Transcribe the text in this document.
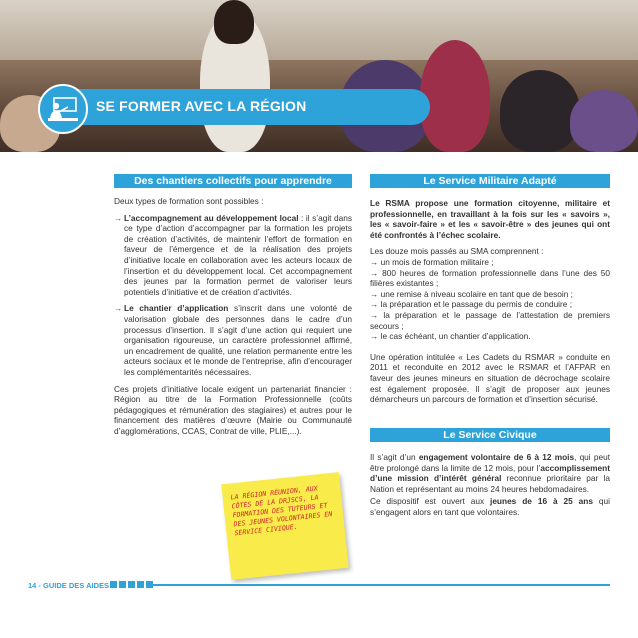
SE FORMER AVEC LA RÉGION
Des chantiers collectifs pour apprendre

Deux types de formation sont possibles :

→ L’accompagnement au développement local : il s’agit dans ce type d’action d’accompagner par la formation les projets de création d’activités, de maintenir l’effort de formation en faveur de l’émergence et de la réalisation des projets d’initiative locale en collaboration avec les acteurs locaux de l’insertion et du développement local. Cet accompagnement des jeunes par la formation permet de valoriser leurs potentiels d’initiative et de création d’activités.
→ Le chantier d’application s’inscrit dans une volonté de valorisation globale des personnes dans le cadre d’un processus d’insertion. Il s’agit d’une action qui requiert une organisation rigoureuse, un caractère professionnel affirmé, un encadrement de qualité, une relation permanente entre les acteurs sociaux et le monde de l’entreprise, afin d’encourager les complémentarités nécessaires.

Ces projets d’initiative locale exigent un partenariat financier : Région au titre de la Formation Professionnelle (coûts pédagogiques et rémunération des stagiaires) et autres pour le financement des matières d’œuvre (Mairie ou Communauté d’agglomérations, CCAS, Contrat de ville, PLIE,...).

LA RÉGION RÉUNION, AUX CÔTÉS DE LA DRJSCS, LA FORMATION DES TUTEURS ET DES JEUNES VOLONTAIRES EN SERVICE CIVIQUE.
Le Service Militaire Adapté

Le RSMA propose une formation citoyenne, militaire et professionnelle, en travaillant à la fois sur les « savoirs », les « savoir-faire » et les « savoir-être » des jeunes qui ont été confrontés à l’échec scolaire.

Les douze mois passés au SMA comprennent :
→ un mois de formation militaire ;
→ 800 heures de formation professionnelle dans l’une des 50 filières existantes ;
→ une remise à niveau scolaire en tant que de besoin ;
→ la préparation et le passage du permis de conduire ;
→ la préparation et le passage de l’attestation de premiers secours ;
→ le cas échéant, un chantier d’application.

Une opération intitulée « Les Cadets du RSMAR » conduite en 2011 et reconduite en 2012 avec le RSMAR et l’AFPAR en faveur des jeunes mineurs en situation de décrochage scolaire est également proposée. Il s’agit de proposer aux jeunes démarcheurs un parcours de formation et d’insertion sécurisé.

Le Service Civique

Il s’agit d’un engagement volontaire de 6 à 12 mois, qui peut être prolongé dans la limite de 12 mois, pour l’accomplissement d’une mission d’intérêt général reconnue prioritaire par la Nation et représentant au moins 24 heures hebdomadaires.

Ce dispositif est ouvert aux jeunes de 16 à 25 ans qui s’engagent alors en tant que volontaires.

14 - GUIDE DES AIDES
